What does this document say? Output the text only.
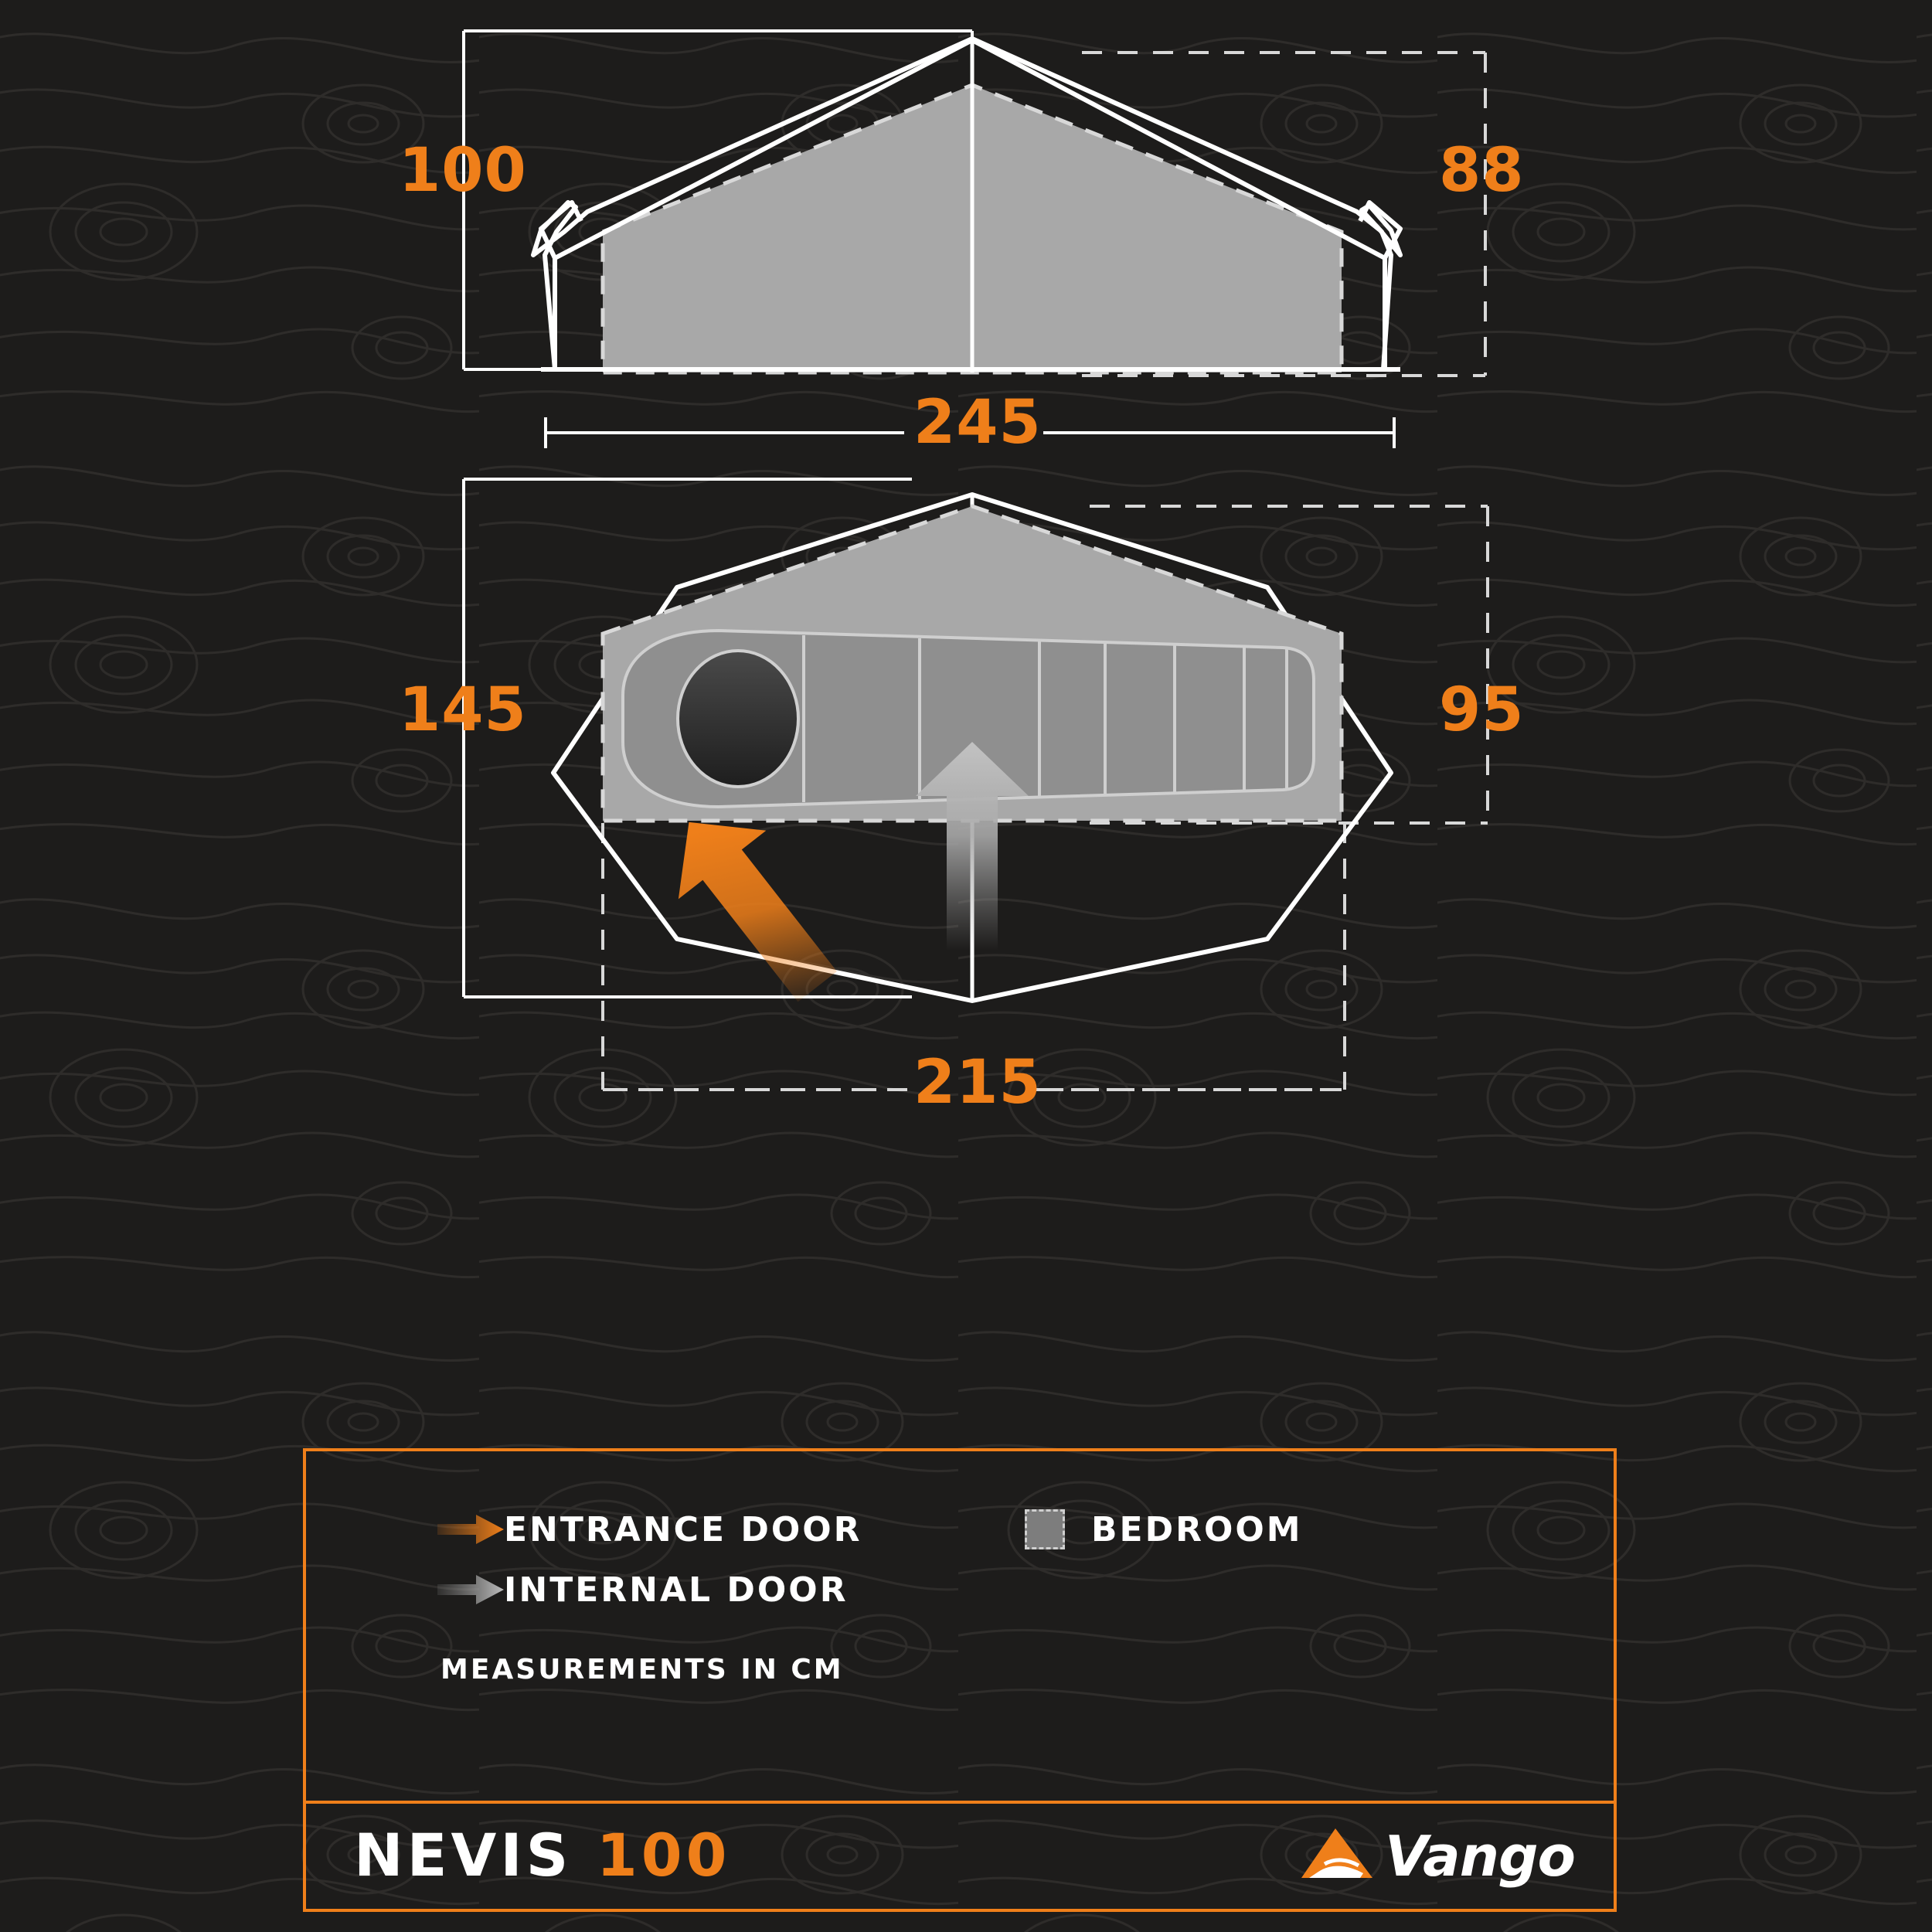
100	88
245
145	95
215
ENTRANCE DOOR	BEDROOM
INTERNAL DOOR
MEASUREMENTS IN CM
NEVIS 100	Vango
